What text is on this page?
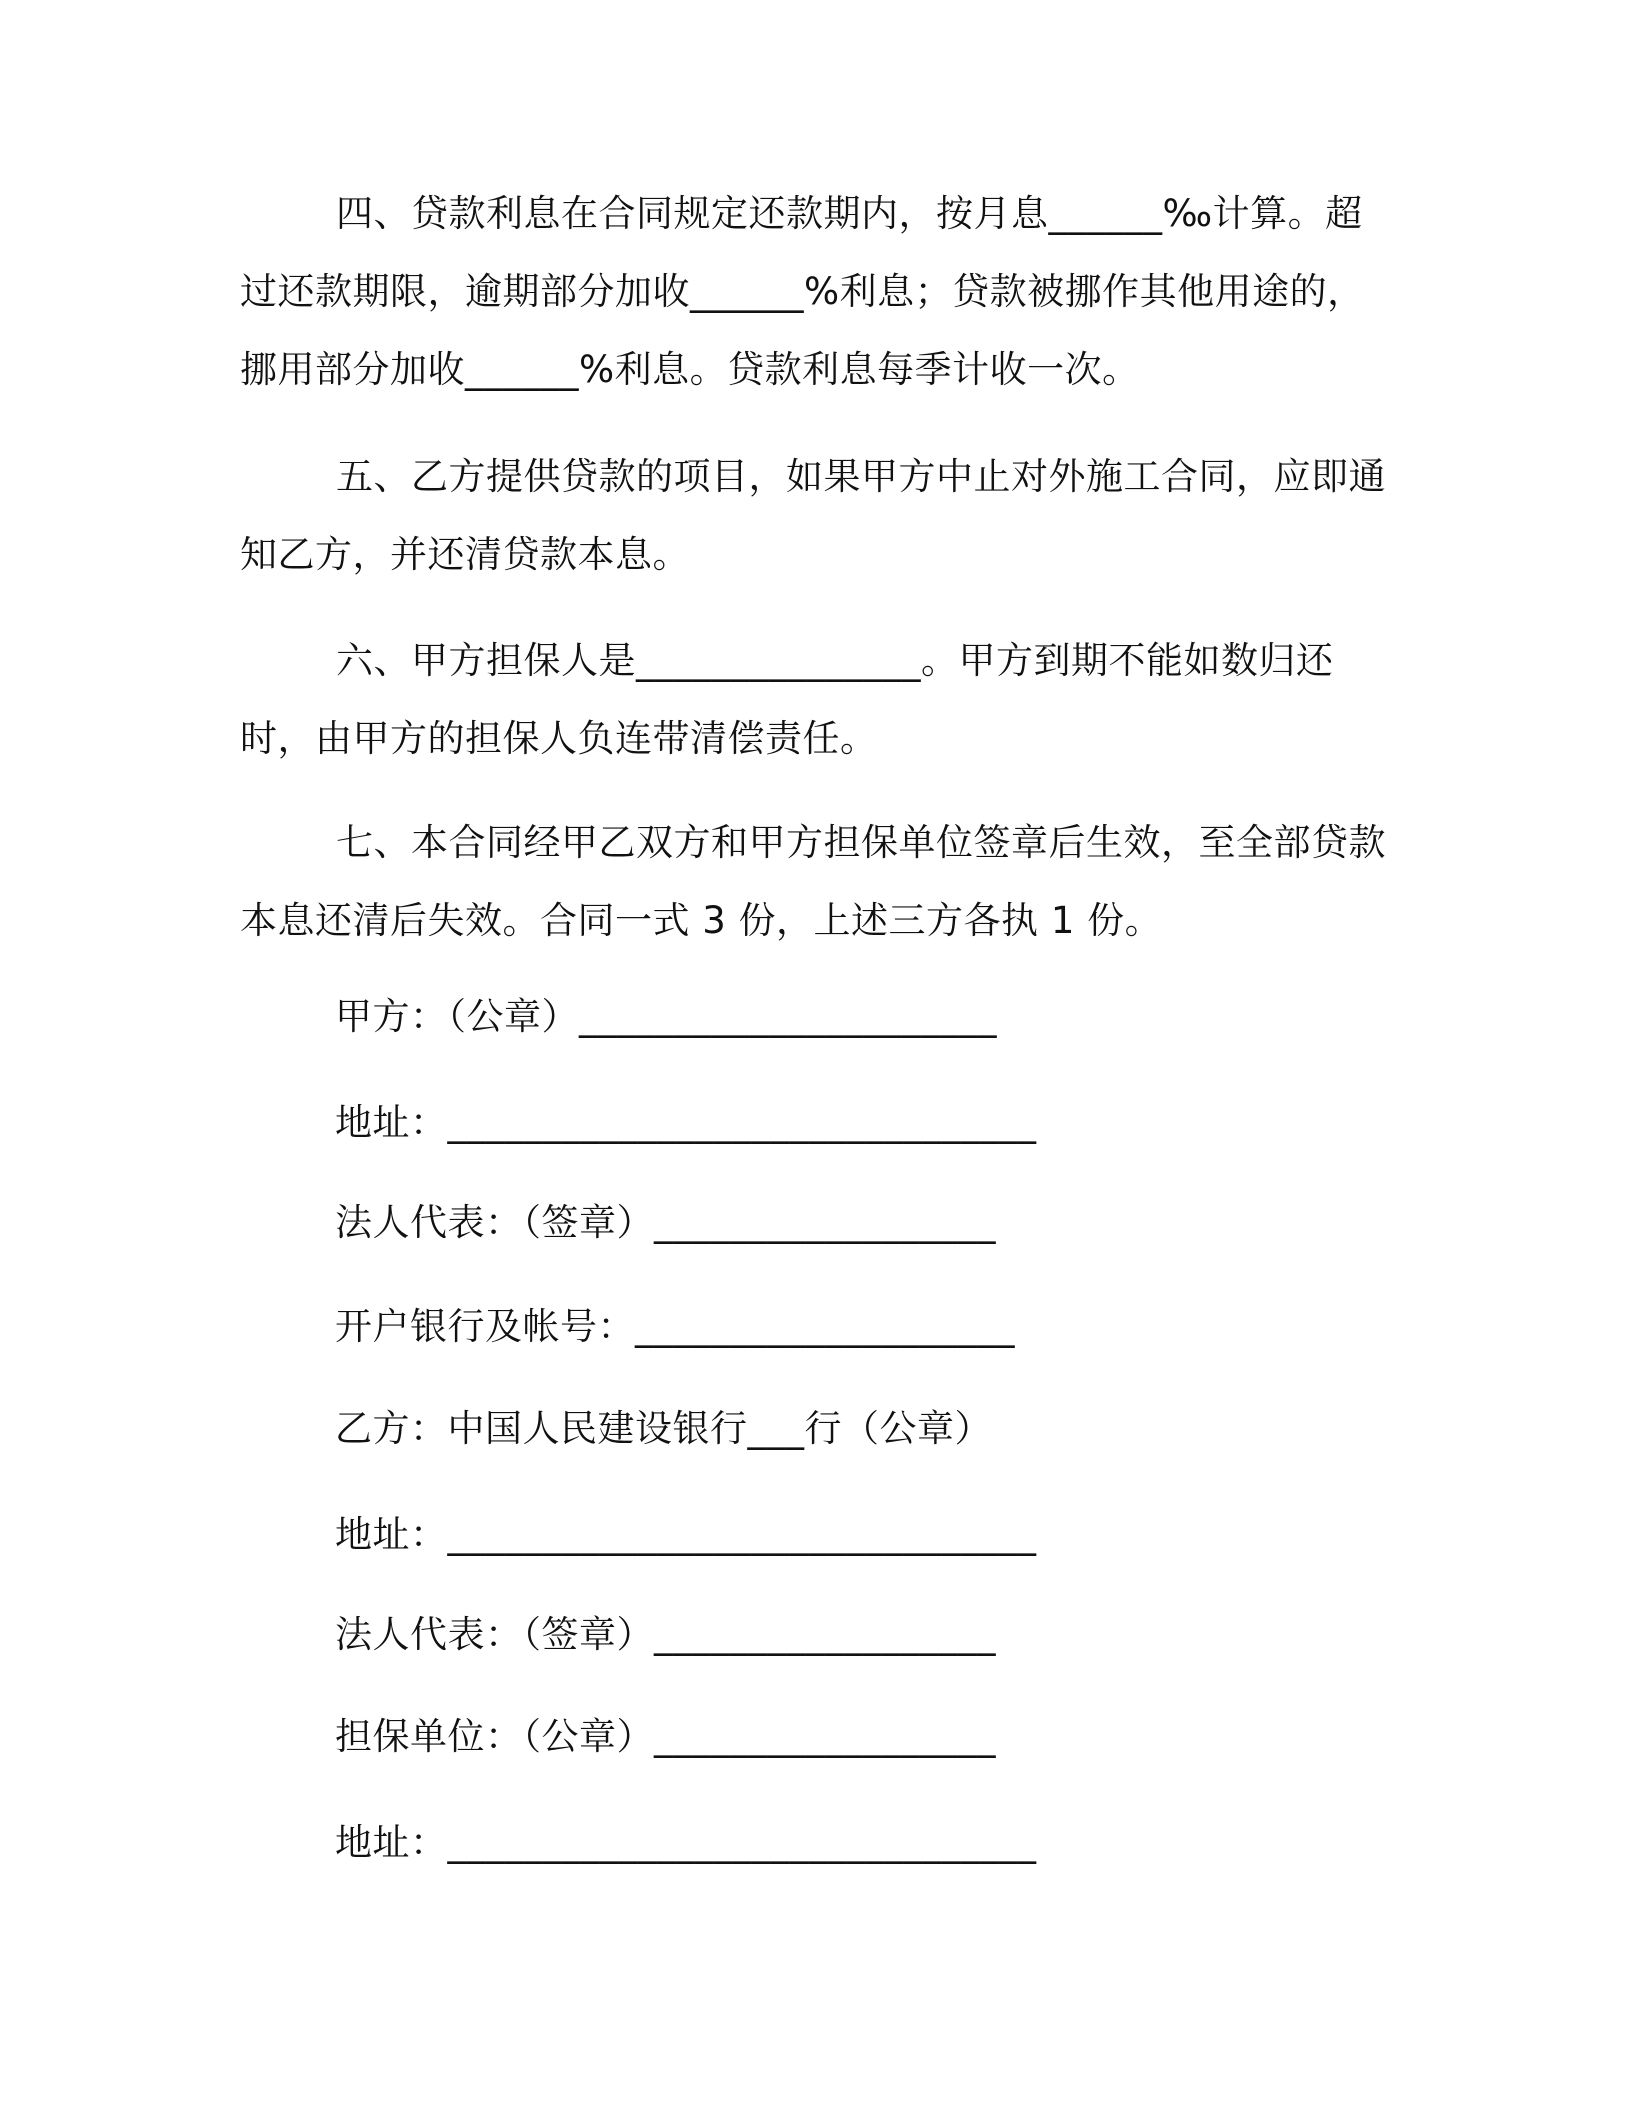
四、贷款利息在合同规定还款期内，按月息______‰计算。超过还款期限，逾期部分加收______%利息；贷款被挪作其他用途的，挪用部分加收______%利息。贷款利息每季计收一次。

五、乙方提供贷款的项目，如果甲方中止对外施工合同，应即通知乙方，并还清贷款本息。

六、甲方担保人是_______________。甲方到期不能如数归还时，由甲方的担保人负连带清偿责任。

七、本合同经甲乙双方和甲方担保单位签章后生效，至全部贷款本息还清后失效。合同一式 3 份，上述三方各执 1 份。

甲方：（公章）______________________
地址：_______________________________
法人代表：（签章）__________________
开户银行及帐号：____________________
乙方：中国人民建设银行___行（公章）
地址：_______________________________
法人代表：（签章）__________________
担保单位：（公章）__________________
地址：_______________________________
